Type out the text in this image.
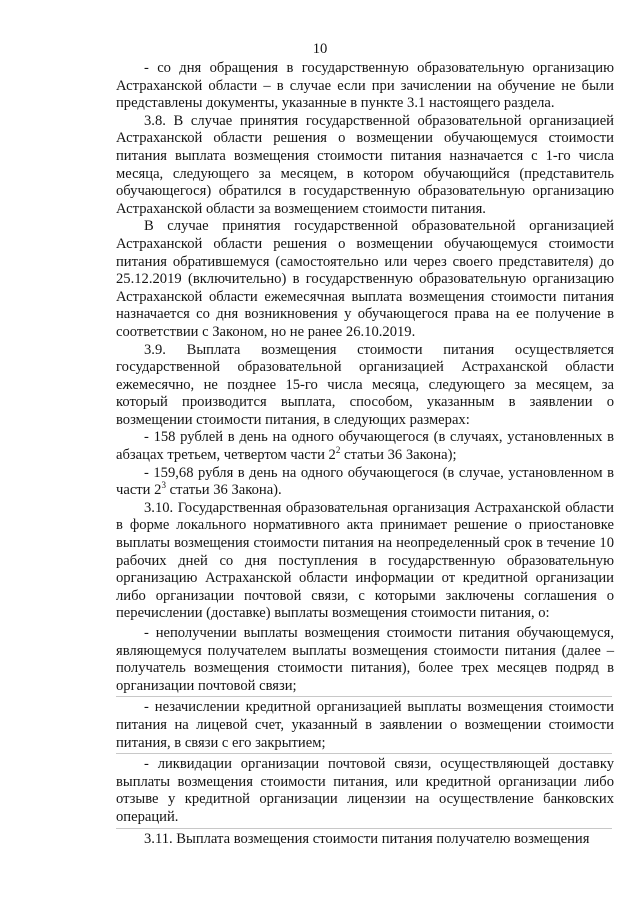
10

- со дня обращения в государственную образовательную организацию Астраханской области – в случае если при зачислении на обучение не были представлены документы, указанные в пункте 3.1 настоящего раздела.

3.8. В случае принятия государственной образовательной организацией Астраханской области решения о возмещении обучающемуся стоимости питания выплата возмещения стоимости питания назначается с 1-го числа месяца, следующего за месяцем, в котором обучающийся (представитель обучающегося) обратился в государственную образовательную организацию Астраханской области за возмещением стоимости питания.

В случае принятия государственной образовательной организацией Астраханской области решения о возмещении обучающемуся стоимости питания обратившемуся (самостоятельно или через своего представителя) до 25.12.2019 (включительно) в государственную образовательную организацию Астраханской области ежемесячная выплата возмещения стоимости питания назначается со дня возникновения у обучающегося права на ее получение в соответствии с Законом, но не ранее 26.10.2019.

3.9. Выплата возмещения стоимости питания осуществляется государственной образовательной организацией Астраханской области ежемесячно, не позднее 15-го числа месяца, следующего за месяцем, за который производится выплата, способом, указанным в заявлении о возмещении стоимости питания, в следующих размерах:

- 158 рублей в день на одного обучающегося (в случаях, установленных в абзацах третьем, четвертом части $2^2$ статьи 36 Закона);

- 159,68 рубля в день на одного обучающегося (в случае, установленном в части $2^3$ статьи 36 Закона).

3.10. Государственная образовательная организация Астраханской области в форме локального нормативного акта принимает решение о приостановке выплаты возмещения стоимости питания на неопределенный срок в течение 10 рабочих дней со дня поступления в государственную образовательную организацию Астраханской области информации от кредитной организации либо организации почтовой связи, с которыми заключены соглашения о перечислении (доставке) выплаты возмещения стоимости питания, о:

- неполучении выплаты возмещения стоимости питания обучающемуся, являющемуся получателем выплаты возмещения стоимости питания (далее – получатель возмещения стоимости питания), более трех месяцев подряд в организации почтовой связи;

- незачислении кредитной организацией выплаты возмещения стоимости питания на лицевой счет, указанный в заявлении о возмещении стоимости питания, в связи с его закрытием;

- ликвидации организации почтовой связи, осуществляющей доставку выплаты возмещения стоимости питания, или кредитной организации либо отзыве у кредитной организации лицензии на осуществление банковских операций.

3.11. Выплата возмещения стоимости питания получателю возмещения
